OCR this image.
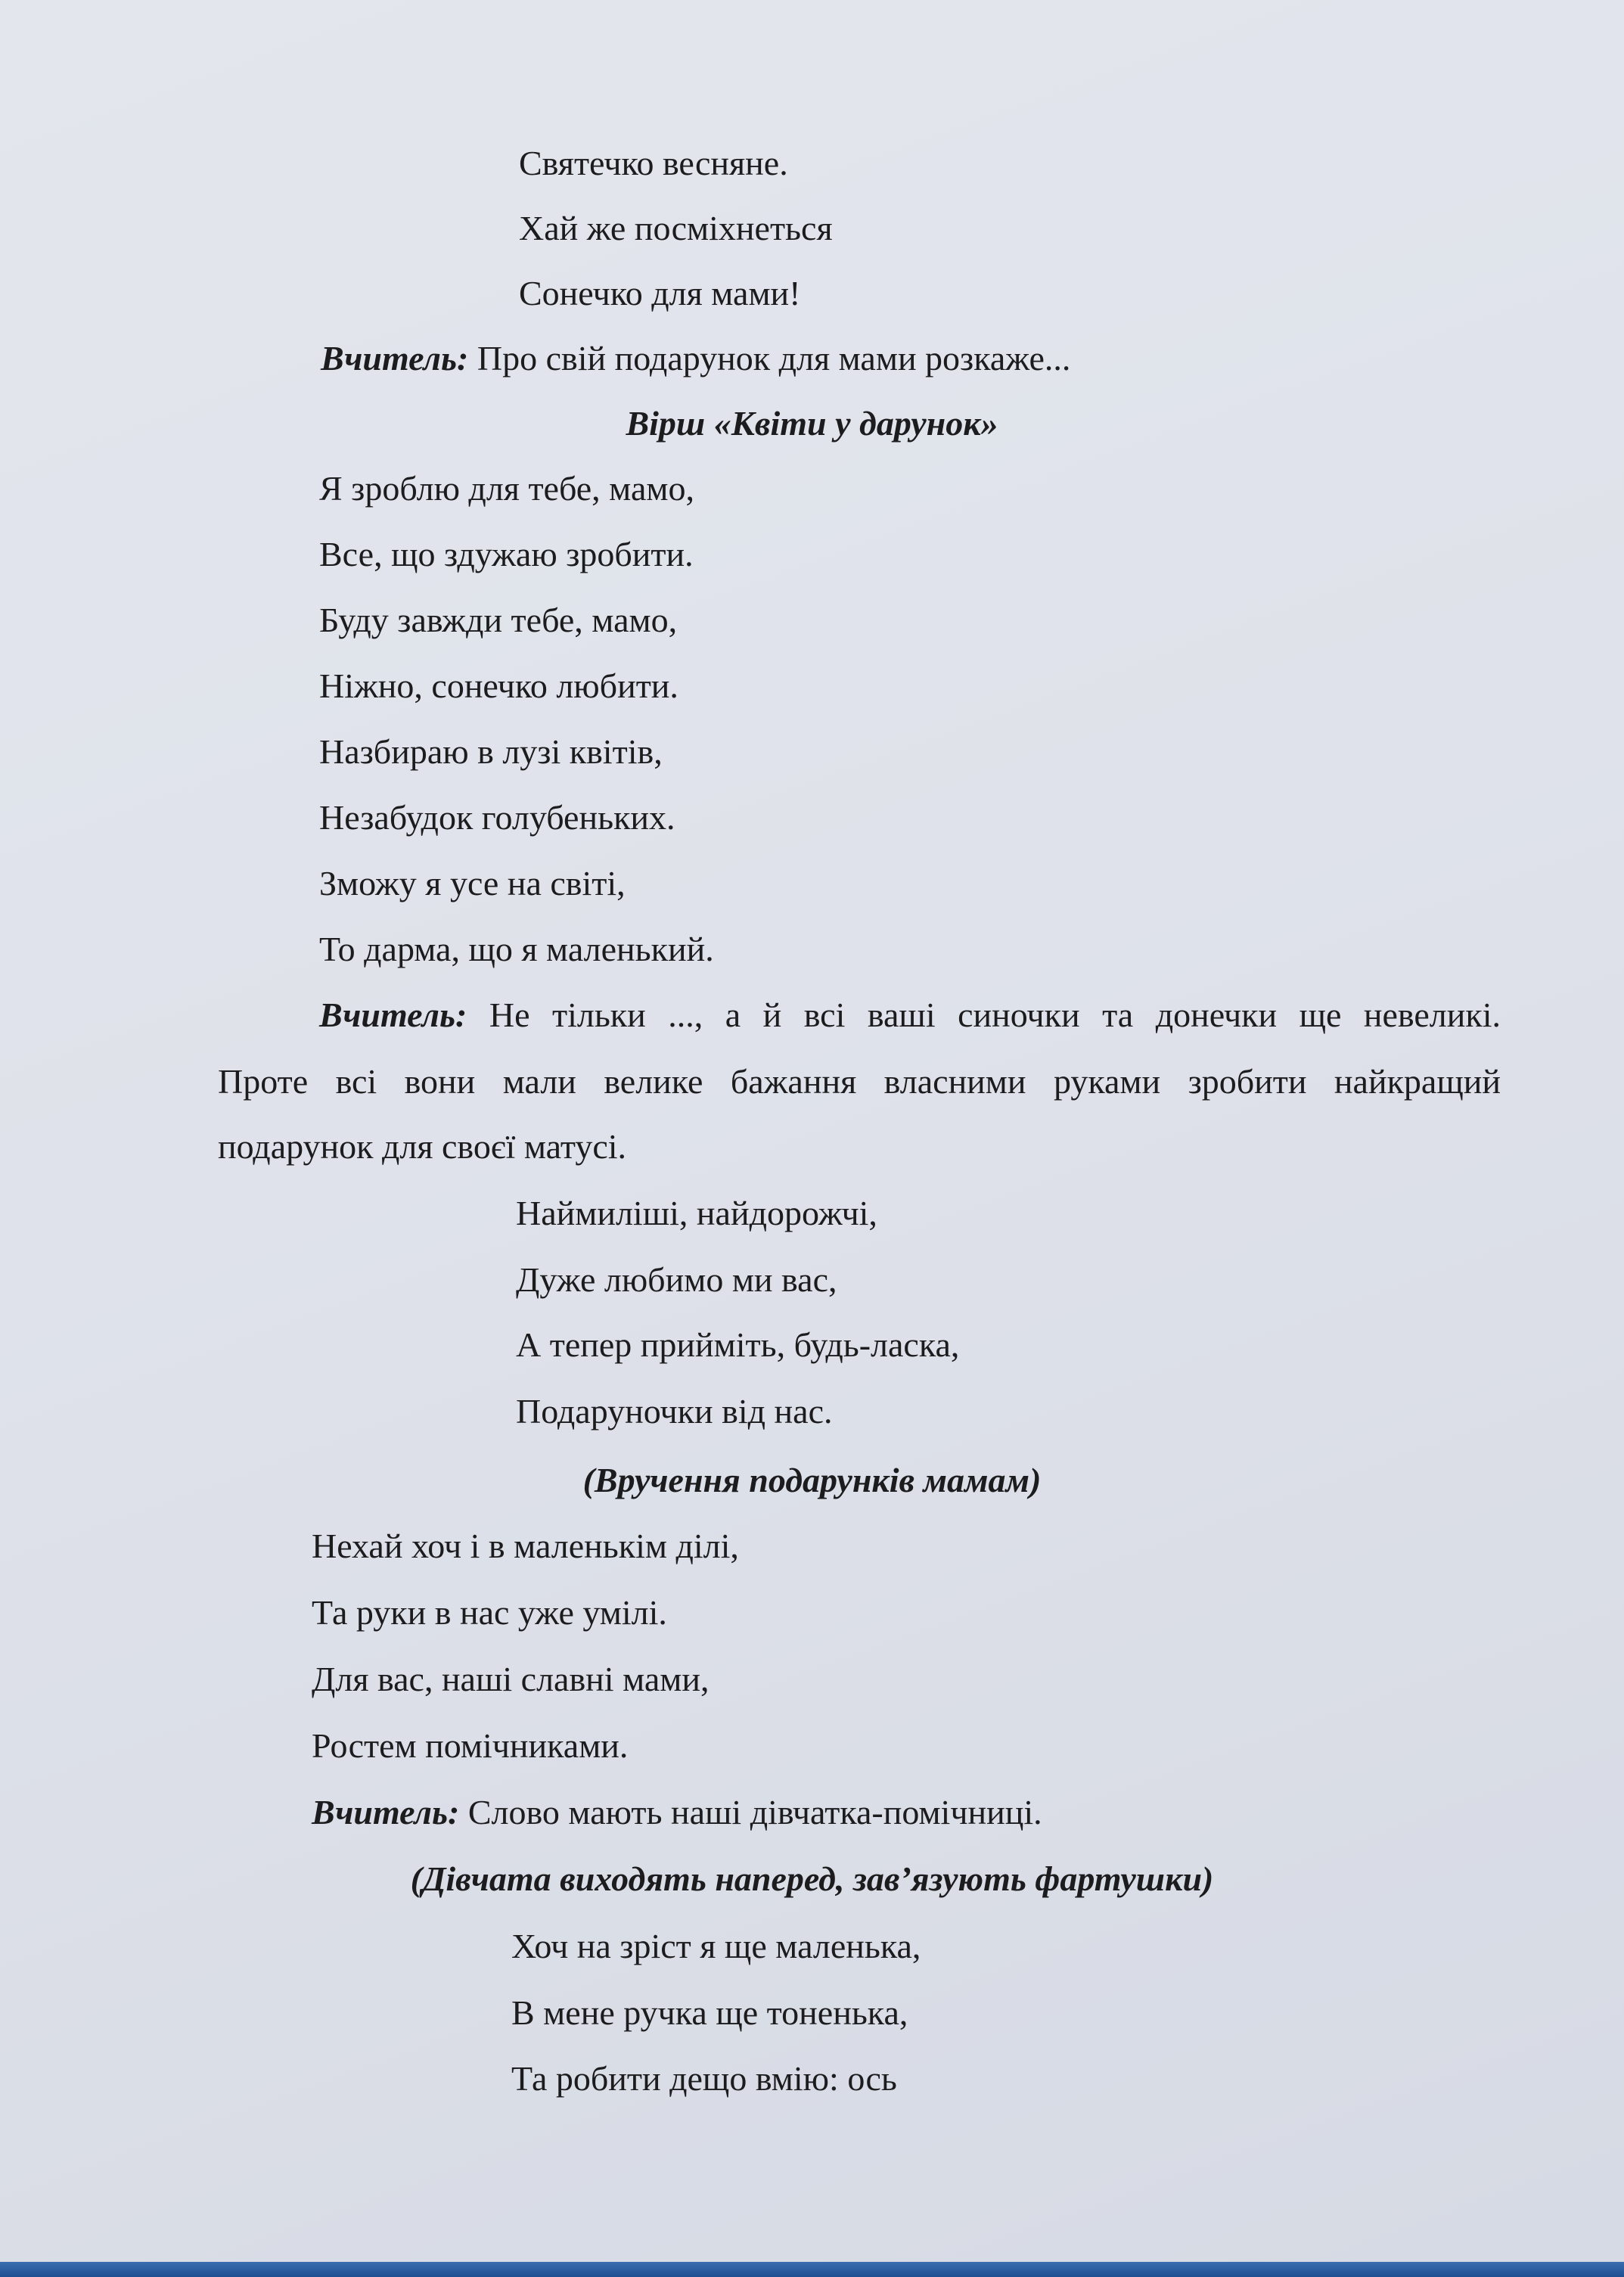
Святечко весняне.
Хай же посміхнеться
Сонечко для мами!
Вчитель: Про свій подарунок для мами розкаже...
Вірш «Квіти у дарунок»
Я зроблю для тебе, мамо,
Все, що здужаю зробити.
Буду завжди тебе, мамо,
Ніжно, сонечко любити.
Назбираю в лузі квітів,
Незабудок голубеньких.
Зможу я усе на світі,
То дарма, що я маленький.
Вчитель: Не тільки ..., а й всі ваші синочки та донечки ще невеликі.
Проте всі вони мали велике бажання власними руками зробити найкращий
подарунок для своєї матусі.
Наймиліші, найдорожчі,
Дуже любимо ми вас,
А тепер прийміть, будь-ласка,
Подаруночки від нас.
(Вручення подарунків мамам)
Нехай хоч і в маленькім ділі,
Та руки в нас уже умілі.
Для вас, наші славні мами,
Ростем помічниками.
Вчитель: Слово мають наші дівчатка-помічниці.
(Дівчата виходять наперед, зав’язують фартушки)
Хоч на зріст я ще маленька,
В мене ручка ще тоненька,
Та робити дещо вмію: ось
